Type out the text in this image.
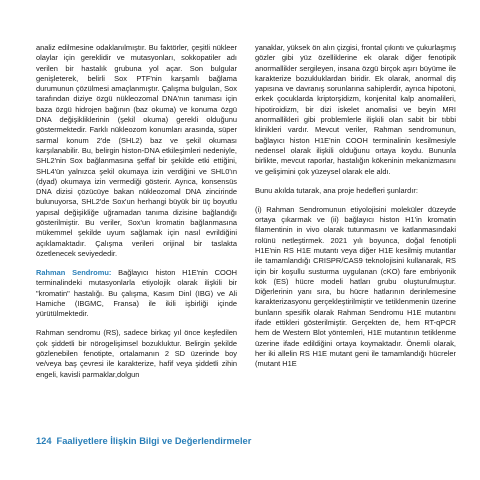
analiz edilmesine odaklanılmıştır. Bu faktörler, çeşitli nükleer olaylar için gereklidir ve mutasyonları, sokkopatiler adı verilen bir hastalık grubuna yol açar. Son bulgular genişleterek, belirli Sox PTF'nin karşamlı bağlama durumunun çözülmesi amaçlanmıştır. Çalışma bulguları, Sox tarafından diziye özgü nükleozomal DNA'nın tanıması için baza özgü hidrojen bağının (baz okuma) ve konuma özgü DNA değişikliklerinin (şekil okuma) gerekli olduğunu göstermektedir. Farklı nükleozom konumları arasında, süper sarmal konum 2'de (SHL2) baz ve şekil okuması karşılanabilir. Bu, belirgin histon-DNA etkileşimleri nedeniyle, SHL2'nin Sox bağlanmasına şeffaf bir şekilde etki ettiğini, SHL4'ün yalnızca şekil okumaya izin verdiğini ve SHL0'ın (dyad) okumaya izin vermediği gösterir. Ayrıca, konsensüs DNA dizisi çözücüye bakan nükleozomal DNA zincirinde bulunuyorsa, SHL2'de Sox'un herhangi büyük bir üç boyutlu yapısal değişikliğe uğramadan tanıma dizisine bağlandığı gösterilmiştir. Bu veriler, Sox'un kromatin bağlanmasına mükemmel şekilde uyum sağlamak için nasıl evrildiğini açıklamaktadır. Çalışma verileri orijinal bir taslakta özetlenecek seviyededir.

Rahman Sendromu: Bağlayıcı histon H1E'nin COOH terminalindeki mutasyonlarla etiyolojik olarak ilişkili bir "kromatin" hastalığı. Bu çalışma, Kasım Dinl (IBG) ve Ali Hamiche (IBGMC, Fransa) ile ikili işbirliği içinde yürütülmektedir.

Rahman sendromu (RS), sadece birkaç yıl önce keşfedilen çok şiddetli bir nörogelişimsel bozukluktur. Belirgin şekilde gözlenebilen fenotipte, ortalamanın 2 SD üzerinde boy ve/veya baş çevresi ile karakterize, hafif veya şiddetli zihin engeli, kavisli parmaklar,dolgun

yanaklar, yüksek ön alın çizgisi, frontal çıkıntı ve çukurlaşmış gözler gibi yüz özelliklerine ek olarak diğer fenotipik anormallikler sergileyen, insana özgü birçok aşırı büyüme ile karakterize bozukluklardan biridir. Ek olarak, anormal diş yapısına ve davranış sorunlarına sahiplerdir, ayrıca hipotoni, erkek çocuklarda kriptorşidizm, konjenital kalp anomalileri, hipotiroidizm, bir dizi iskelet anomalisi ve beyin MRI anormallikleri gibi problemlerle ilişkili olan sabit bir tıbbi klinikleri vardır. Mevcut veriler, Rahman sendromunun, bağlayıcı histon H1E'nin COOH terminalinin kesilmesiyle nedensel olarak ilişkili olduğunu ortaya koydu. Bununla birlikte, mevcut raporlar, hastalığın kökeninin mekanizmasını ve gelişimini çok yüzeysel olarak ele aldı.

Bunu akılda tutarak, ana proje hedefleri şunlardır:

(i) Rahman Sendromunun etiyolojisini moleküler düzeyde ortaya çıkarmak ve (ii) bağlayıcı histon H1'in kromatin filamentinin in vivo olarak tutunmasını ve katlanmasındaki rolünü netleştirmek. 2021 yılı boyunca, doğal fenotipli H1E'nin RS H1E mutantı veya diğer H1E kesilmiş mutantlar ile tamamlandığı CRISPR/CAS9 teknolojisini kullanarak, RS için bir koşullu susturma uygulanan (cKO) fare embriyonik kök (ES) hücre modeli hatları grubu oluşturulmuştur. Diğerlerinin yanı sıra, bu hücre hatlarının derinlemesine karakterizasyonu gerçekleştirilmiştir ve tetiklenmenin üzerine bunların spesifik olarak Rahman Sendromu H1E mutantını ifade ettikleri gösterilmiştir. Gerçekten de, hem RT-qPCR hem de Western Blot yöntemleri, H1E mutantının tetiklenme üzerine ifade edildiğini ortaya koymaktadır. Önemli olarak, her iki allelin RS H1E mutant geni ile tamamlandığı hücreler (mutant H1E

124 Faaliyetlere İlişkin Bilgi ve Değerlendirmeler
